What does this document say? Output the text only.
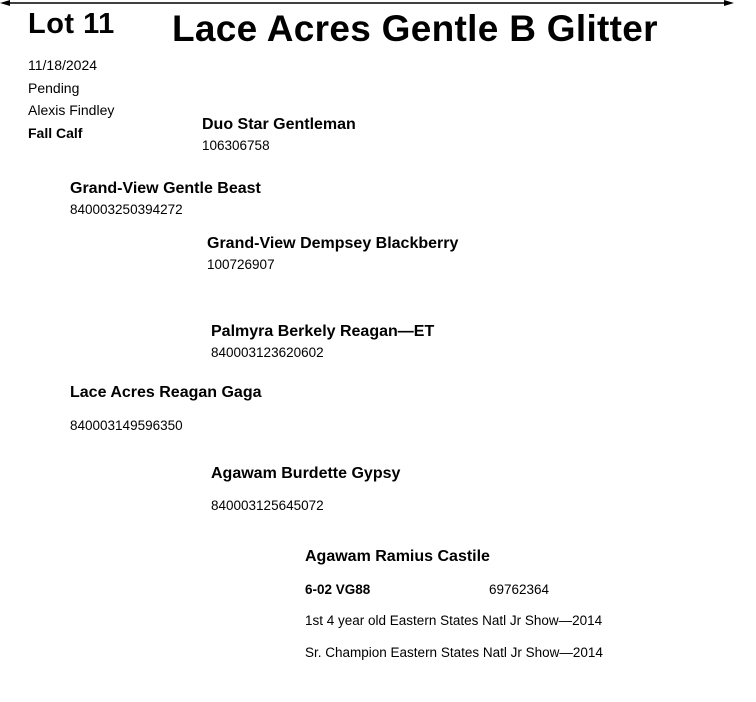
Lot 11 Lace Acres Gentle B Glitter
11/18/2024
Pending
Alexis Findley
Fall Calf	Duo Star Gentleman
106306758
Grand-View Gentle Beast
840003250394272
Grand-View Dempsey Blackberry
100726907
Palmyra Berkely Reagan—ET
840003123620602
Lace Acres Reagan Gaga
840003149596350
Agawam Burdette Gypsy
840003125645072
Agawam Ramius Castile
6-02 VG88	69762364
1st 4 year old Eastern States Natl Jr Show—2014
Sr. Champion Eastern States Natl Jr Show—2014
